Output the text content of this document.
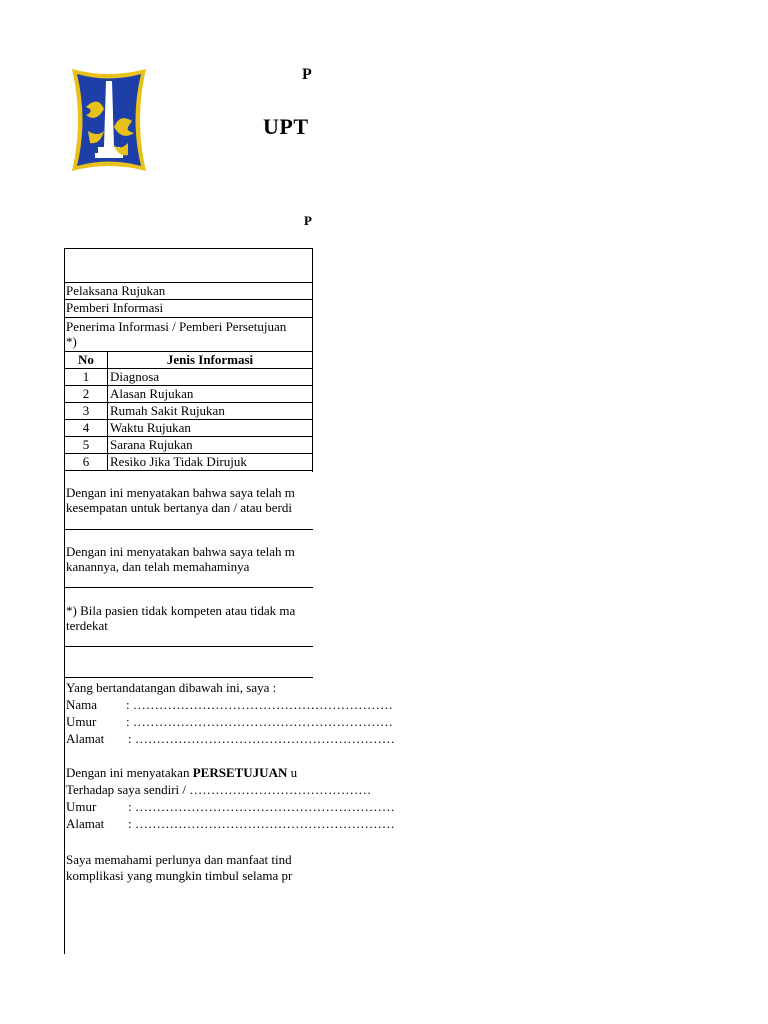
P
UPT
P
Pelaksana Rujukan
Pemberi Informasi
Penerima Informasi / Pemberi Persetujuan
*)
No	Jenis Informasi
1	Diagnosa
2	Alasan Rujukan
3	Rumah Sakit Rujukan
4	Waktu Rujukan
5	Sarana Rujukan
6	Resiko Jika Tidak Dirujuk
Dengan ini menyatakan bahwa saya telah m
kesempatan untuk bertanya dan / atau berdi
Dengan ini menyatakan bahwa saya telah m
kanannya, dan telah memahaminya
*) Bila pasien tidak kompeten atau tidak ma
terdekat
Yang bertandatangan dibawah ini, saya :
Nama : ……………………………………………………
Umur : ……………………………………………………
Alamat : ……………………………………………………
Dengan ini menyatakan PERSETUJUAN u
Terhadap saya sendiri / ……………………………………
Umur : ……………………………………………………
Alamat : ……………………………………………………
Saya memahami perlunya dan manfaat tind
komplikasi yang mungkin timbul selama pr
